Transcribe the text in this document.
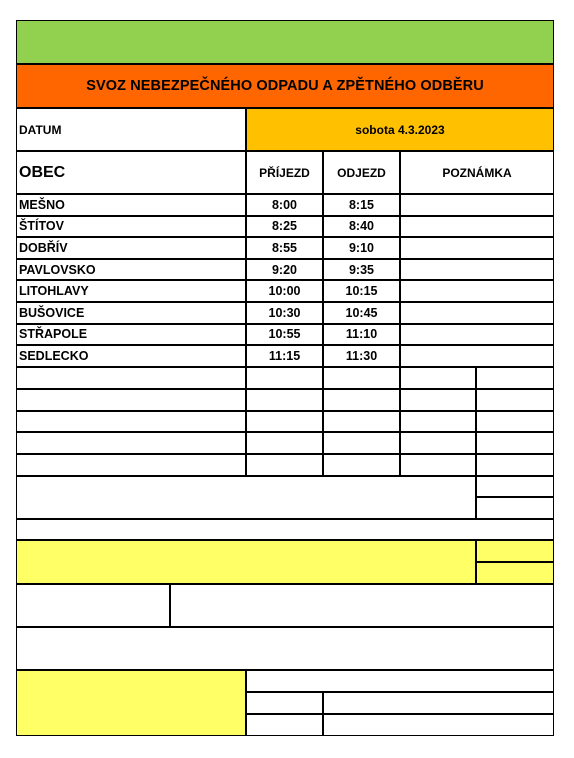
SVOZ NEBEZPEČNÉHO ODPADU A ZPĚTNÉHO ODBĚRU
DATUM	sobota 4.3.2023
OBEC	PŘÍJEZD	ODJEZD	POZNÁMKA
MEŠNO	8:00	8:15
ŠTÍTOV	8:25	8:40
DOBŘÍV	8:55	9:10
PAVLOVSKO	9:20	9:35
LITOHLAVY	10:00	10:15
BUŠOVICE	10:30	10:45
STŘAPOLE	10:55	11:10
SEDLECKO	11:15	11:30
